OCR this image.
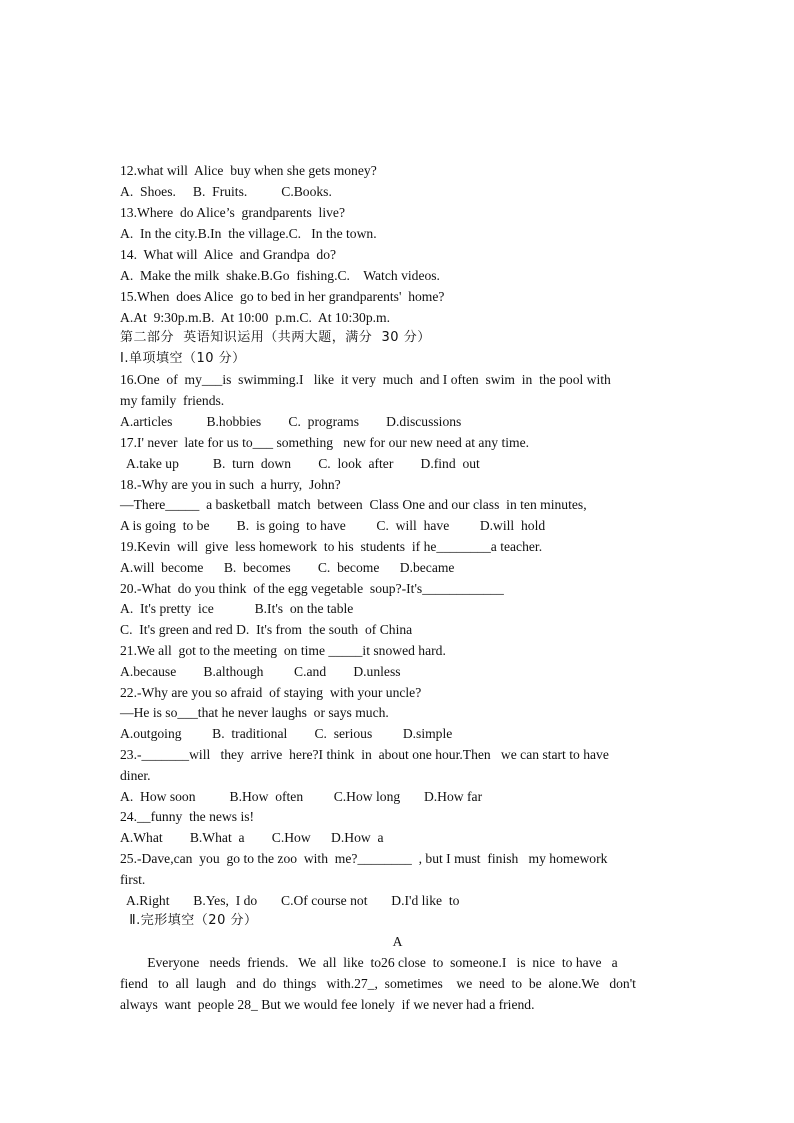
12.what will  Alice  buy when she gets money?
A.  Shoes.     B.  Fruits.          C.Books.
13.Where  do Alice’s  grandparents  live?
A.  In the city.B.In  the village.C.   In the town.
14.  What will  Alice  and Grandpa  do?
A.  Make the milk  shake.B.Go  fishing.C.    Watch videos.
15.When  does Alice  go to bed in her grandparents'  home?
A.At  9:30p.m.B.  At 10:00  p.m.C.  At 10:30p.m.
第二部分  英语知识运用（共两大题，满分  30 分）
Ⅰ.单项填空（10 分）
16.One  of  my___is  swimming.I   like  it very  much  and I often  swim  in  the pool with
my family  friends.
A.articles          B.hobbies        C.  programs        D.discussions
17.I' never  late for us to___ something   new for our new need at any time.
A.take up          B.  turn  down        C.  look  after        D.find  out
18.-Why are you in such  a hurry,  John?
—There_____  a basketball  match  between  Class One and our class  in ten minutes,
A is going  to be        B.  is going  to have         C.  will  have         D.will  hold
19.Kevin  will  give  less homework  to his  students  if he________a teacher.
A.will  become      B.  becomes        C.  become      D.became
20.-What  do you think  of the egg vegetable  soup?-It's____________
A.  It's pretty  ice            B.It's  on the table
C.  It's green and red D.  It's from  the south  of China
21.We all  got to the meeting  on time _____it snowed hard.
A.because        B.although         C.and        D.unless
22.-Why are you so afraid  of staying  with your uncle?
—He is so___that he never laughs  or says much.
A.outgoing         B.  traditional        C.  serious         D.simple
23.-_______will   they  arrive  here?I think  in  about one hour.Then   we can start to have
diner.
A.  How soon          B.How  often         C.How long       D.How far
24.__funny  the news is!
A.What        B.What  a        C.How      D.How  a
25.-Dave,can  you  go to the zoo  with  me?________  , but I must  finish   my homework
first.
A.Right       B.Yes,  I do       C.Of course not       D.I'd like  to
Ⅱ.完形填空（20 分）
A
Everyone   needs  friends.   We  all  like  to26 close  to  someone.I   is  nice  to have   a
fiend   to  all  laugh   and  do  things   with.27_,  sometimes    we  need  to  be  alone.We   don't
always  want  people 28_ But we would fee lonely  if we never had a friend.
